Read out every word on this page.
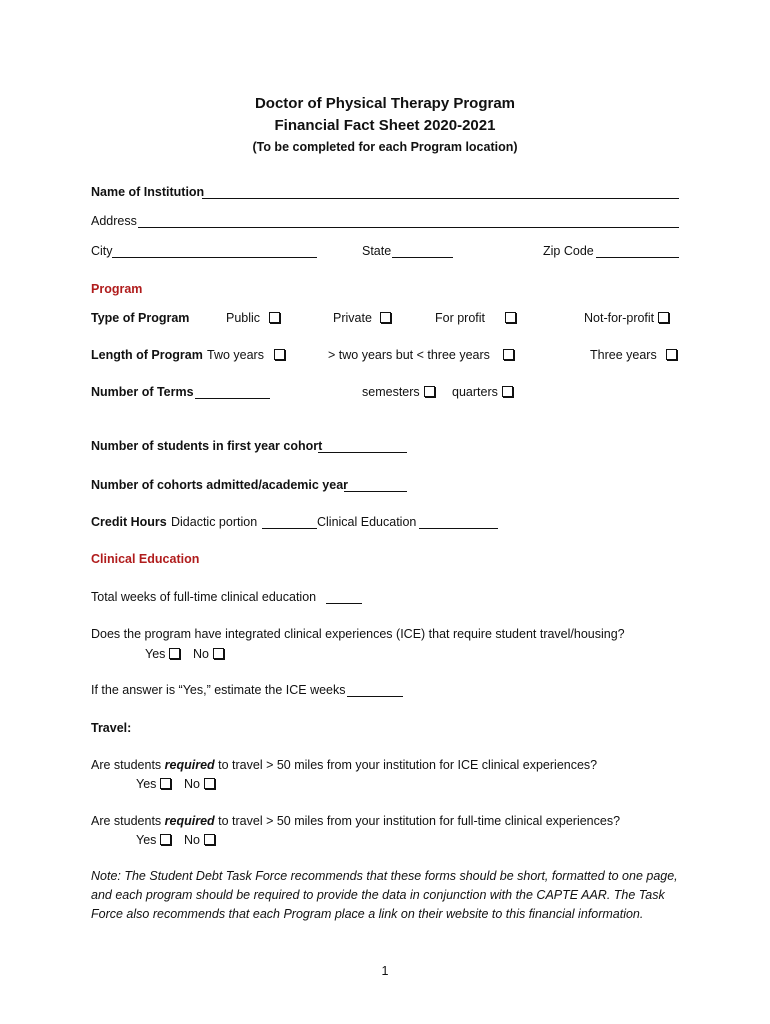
Doctor of Physical Therapy Program
Financial Fact Sheet 2020-2021
(To be completed for each Program location)
Name of Institution
Address
City	State	Zip Code
Program
Type of Program	Public	Private	For profit	Not-for-profit
Length of Program Two years	> two years but < three years	Three years
Number of Terms	semesters	quarters
Number of students in first year cohort
Number of cohorts admitted/academic year
Credit Hours Didactic portion	Clinical Education
Clinical Education
Total weeks of full-time clinical education
Does the program have integrated clinical experiences (ICE) that require student travel/housing?
Yes	No
If the answer is “Yes,” estimate the ICE weeks
Travel:
Are students required to travel > 50 miles from your institution for ICE clinical experiences?
Yes	No
Are students required to travel > 50 miles from your institution for full-time clinical experiences?
Yes	No
Note: The Student Debt Task Force recommends that these forms should be short, formatted to one page, and each program should be required to provide the data in conjunction with the CAPTE AAR. The Task Force also recommends that each Program place a link on their website to this financial information.
1
